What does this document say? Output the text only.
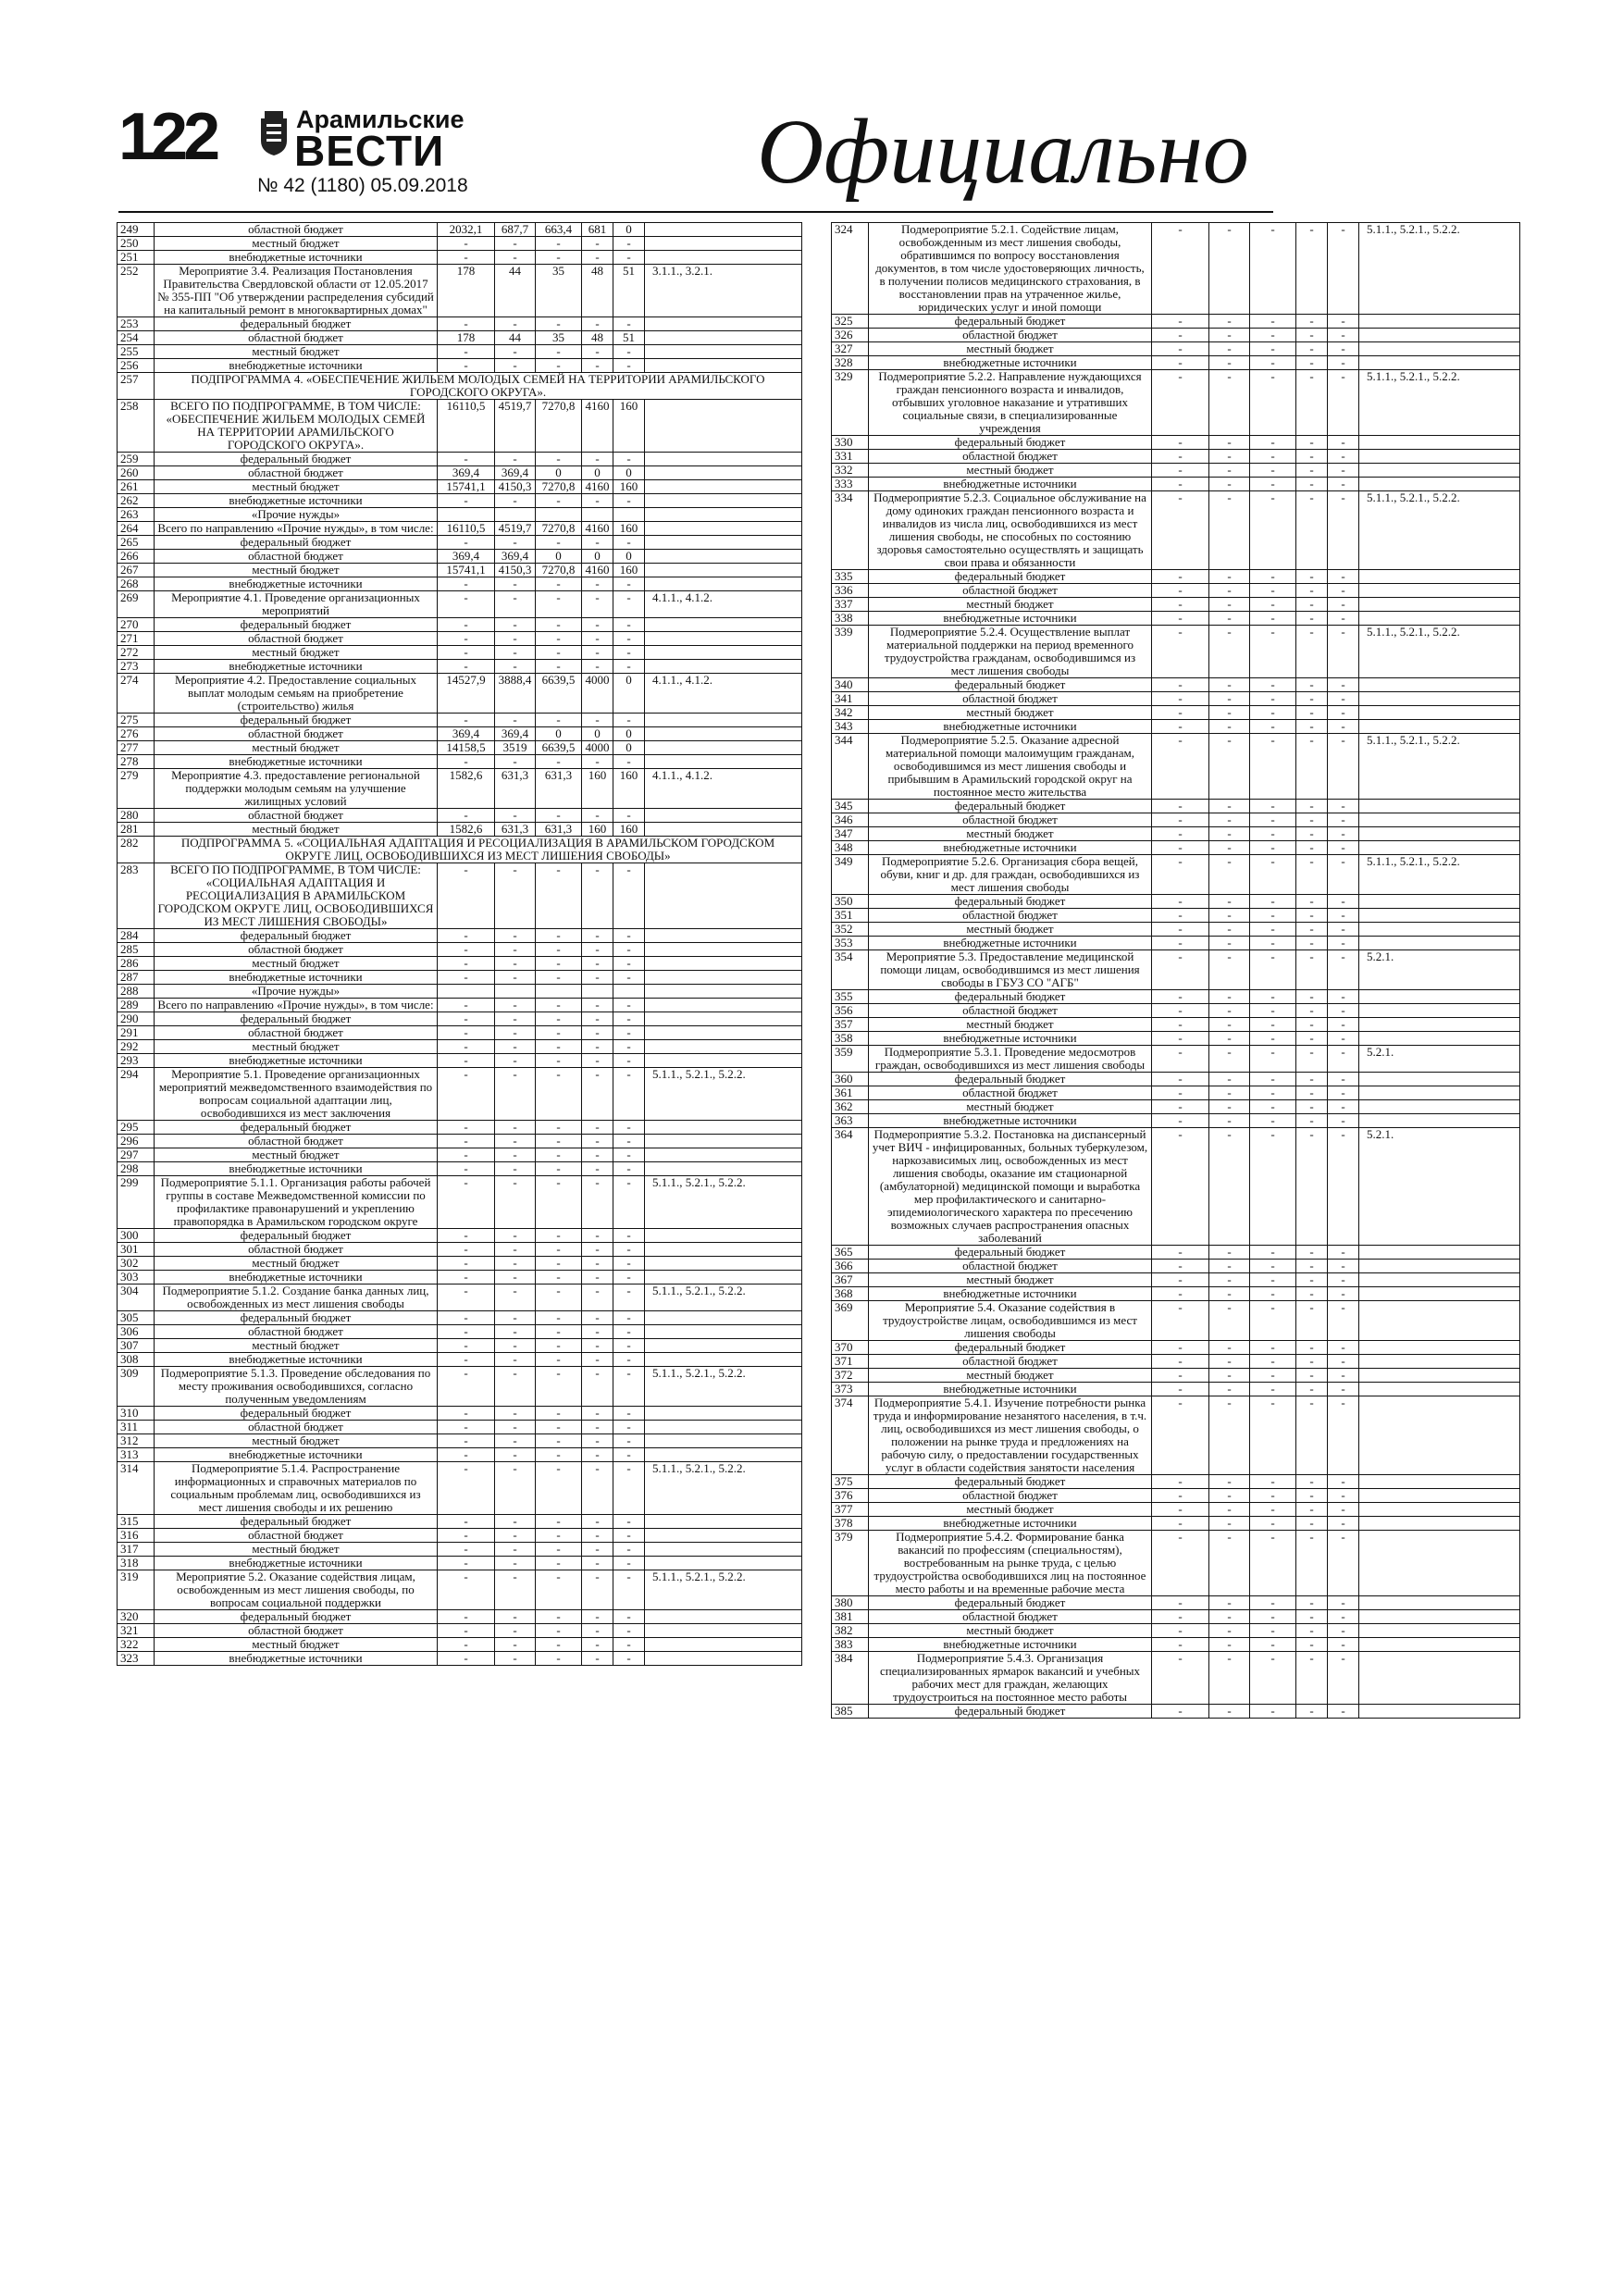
122	Арамильские
ВЕСТИ
№ 42 (1180) 05.09.2018	Официально
249	областной бюджет	2032,1	687,7	663,4	681	0	
250	местный бюджет	-	-	-	-	-	
251	внебюджетные источники	-	-	-	-	-	
252	Мероприятие 3.4. Реализация Постановления Правительства Свердловской области от 12.05.2017 № 355-ПП "Об утверждении распределения субсидий на капитальный ремонт в многоквартирных домах"	178	44	35	48	51	3.1.1., 3.2.1.
253	федеральный бюджет	-	-	-	-	-	
254	областной бюджет	178	44	35	48	51	
255	местный бюджет	-	-	-	-	-	
256	внебюджетные источники	-	-	-	-	-	
257	ПОДПРОГРАММА 4. «ОБЕСПЕЧЕНИЕ ЖИЛЬЕМ МОЛОДЫХ СЕМЕЙ НА ТЕРРИТОРИИ АРАМИЛЬСКОГО ГОРОДСКОГО ОКРУГА».						
258	ВСЕГО ПО ПОДПРОГРАММЕ, В ТОМ ЧИСЛЕ: «ОБЕСПЕЧЕНИЕ ЖИЛЬЕМ МОЛОДЫХ СЕМЕЙ НА ТЕРРИТОРИИ АРАМИЛЬСКОГО ГОРОДСКОГО ОКРУГА».	16110,5	4519,7	7270,8	4160	160	
259	федеральный бюджет	-	-	-	-	-	
260	областной бюджет	369,4	369,4	0	0	0	
261	местный бюджет	15741,1	4150,3	7270,8	4160	160	
262	внебюджетные источники	-	-	-	-	-	
263	«Прочие нужды»						
264	Всего по направлению «Прочие нужды», в том числе:	16110,5	4519,7	7270,8	4160	160	
265	федеральный бюджет	-	-	-	-	-	
266	областной бюджет	369,4	369,4	0	0	0	
267	местный бюджет	15741,1	4150,3	7270,8	4160	160	
268	внебюджетные источники	-	-	-	-	-	
269	Мероприятие 4.1. Проведение организационных мероприятий	-	-	-	-	-	4.1.1., 4.1.2.
270	федеральный бюджет	-	-	-	-	-	
271	областной бюджет	-	-	-	-	-	
272	местный бюджет	-	-	-	-	-	
273	внебюджетные источники	-	-	-	-	-	
274	Мероприятие 4.2. Предоставление социальных выплат молодым семьям на приобретение (строительство) жилья	14527,9	3888,4	6639,5	4000	0	4.1.1., 4.1.2.
275	федеральный бюджет	-	-	-	-	-	
276	областной бюджет	369,4	369,4	0	0	0	
277	местный бюджет	14158,5	3519	6639,5	4000	0	
278	внебюджетные источники	-	-	-	-	-	
279	Мероприятие 4.3. предоставление региональной поддержки молодым семьям на улучшение жилищных условий	1582,6	631,3	631,3	160	160	4.1.1., 4.1.2.
280	областной бюджет	-	-	-	-	-	
281	местный бюджет	1582,6	631,3	631,3	160	160	
282	ПОДПРОГРАММА 5. «СОЦИАЛЬНАЯ АДАПТАЦИЯ И РЕСОЦИАЛИЗАЦИЯ В АРАМИЛЬСКОМ ГОРОДСКОМ ОКРУГЕ ЛИЦ, ОСВОБОДИВШИХСЯ ИЗ МЕСТ ЛИШЕНИЯ СВОБОДЫ»						
283	ВСЕГО ПО ПОДПРОГРАММЕ, В ТОМ ЧИСЛЕ: «СОЦИАЛЬНАЯ АДАПТАЦИЯ И РЕСОЦИАЛИЗАЦИЯ В АРАМИЛЬСКОМ ГОРОДСКОМ ОКРУГЕ ЛИЦ, ОСВОБОДИВШИХСЯ ИЗ МЕСТ ЛИШЕНИЯ СВОБОДЫ»	-	-	-	-	-	
284	федеральный бюджет	-	-	-	-	-	
285	областной бюджет	-	-	-	-	-	
286	местный бюджет	-	-	-	-	-	
287	внебюджетные источники	-	-	-	-	-	
288	«Прочие нужды»						
289	Всего по направлению «Прочие нужды», в том числе:	-	-	-	-	-	
290	федеральный бюджет	-	-	-	-	-	
291	областной бюджет	-	-	-	-	-	
292	местный бюджет	-	-	-	-	-	
293	внебюджетные источники	-	-	-	-	-	
294	Мероприятие 5.1. Проведение организационных мероприятий межведомственного взаимодействия по вопросам социальной адаптации лиц, освободившихся из мест заключения	-	-	-	-	-	5.1.1., 5.2.1., 5.2.2.
295	федеральный бюджет	-	-	-	-	-	
296	областной бюджет	-	-	-	-	-	
297	местный бюджет	-	-	-	-	-	
298	внебюджетные источники	-	-	-	-	-	
299	Подмероприятие 5.1.1. Организация работы рабочей группы в составе Межведомственной комиссии по профилактике правонарушений и укреплению правопорядка в Арамильском городском округе	-	-	-	-	-	5.1.1., 5.2.1., 5.2.2.
300	федеральный бюджет	-	-	-	-	-	
301	областной бюджет	-	-	-	-	-	
302	местный бюджет	-	-	-	-	-	
303	внебюджетные источники	-	-	-	-	-	
304	Подмероприятие 5.1.2. Создание банка данных лиц, освобожденных из мест лишения свободы	-	-	-	-	-	5.1.1., 5.2.1., 5.2.2.
305	федеральный бюджет	-	-	-	-	-	
306	областной бюджет	-	-	-	-	-	
307	местный бюджет	-	-	-	-	-	
308	внебюджетные источники	-	-	-	-	-	
309	Подмероприятие 5.1.3. Проведение обследования по месту проживания освободившихся, согласно полученным уведомлениям	-	-	-	-	-	5.1.1., 5.2.1., 5.2.2.
310	федеральный бюджет	-	-	-	-	-	
311	областной бюджет	-	-	-	-	-	
312	местный бюджет	-	-	-	-	-	
313	внебюджетные источники	-	-	-	-	-	
314	Подмероприятие 5.1.4. Распространение информационных и справочных материалов по социальным проблемам лиц, освободившихся из мест лишения свободы и их решению	-	-	-	-	-	5.1.1., 5.2.1., 5.2.2.
315	федеральный бюджет	-	-	-	-	-	
316	областной бюджет	-	-	-	-	-	
317	местный бюджет	-	-	-	-	-	
318	внебюджетные источники	-	-	-	-	-	
319	Мероприятие 5.2. Оказание содействия лицам, освобожденным из мест лишения свободы, по вопросам социальной поддержки	-	-	-	-	-	5.1.1., 5.2.1., 5.2.2.
320	федеральный бюджет	-	-	-	-	-	
321	областной бюджет	-	-	-	-	-	
322	местный бюджет	-	-	-	-	-	
323	внебюджетные источники	-	-	-	-	-	
324	Подмероприятие 5.2.1. Содействие лицам, освобожденным из мест лишения свободы, обратившимся по вопросу восстановления документов, в том числе удостоверяющих личность, в получении полисов медицинского страхования, в восстановлении прав на утраченное жилье, юридических услуг и иной помощи	-	-	-	-	-	5.1.1., 5.2.1., 5.2.2.
325	федеральный бюджет	-	-	-	-	-	
326	областной бюджет	-	-	-	-	-	
327	местный бюджет	-	-	-	-	-	
328	внебюджетные источники	-	-	-	-	-	
329	Подмероприятие 5.2.2. Направление нуждающихся граждан пенсионного возраста и инвалидов, отбывших уголовное наказание и утративших социальные связи, в специализированные учреждения	-	-	-	-	-	5.1.1., 5.2.1., 5.2.2.
330	федеральный бюджет	-	-	-	-	-	
331	областной бюджет	-	-	-	-	-	
332	местный бюджет	-	-	-	-	-	
333	внебюджетные источники	-	-	-	-	-	
334	Подмероприятие 5.2.3. Социальное обслуживание на дому одиноких граждан пенсионного возраста и инвалидов из числа лиц, освободившихся из мест лишения свободы, не способных по состоянию здоровья самостоятельно осуществлять и защищать свои права и обязанности	-	-	-	-	-	5.1.1., 5.2.1., 5.2.2.
335	федеральный бюджет	-	-	-	-	-	
336	областной бюджет	-	-	-	-	-	
337	местный бюджет	-	-	-	-	-	
338	внебюджетные источники	-	-	-	-	-	
339	Подмероприятие 5.2.4. Осуществление выплат материальной поддержки на период временного трудоустройства гражданам, освободившимся из мест лишения свободы	-	-	-	-	-	5.1.1., 5.2.1., 5.2.2.
340	федеральный бюджет	-	-	-	-	-	
341	областной бюджет	-	-	-	-	-	
342	местный бюджет	-	-	-	-	-	
343	внебюджетные источники	-	-	-	-	-	
344	Подмероприятие 5.2.5. Оказание адресной материальной помощи малоимущим гражданам, освободившимся из мест лишения свободы и прибывшим в Арамильский городской округ на постоянное место жительства	-	-	-	-	-	5.1.1., 5.2.1., 5.2.2.
345	федеральный бюджет	-	-	-	-	-	
346	областной бюджет	-	-	-	-	-	
347	местный бюджет	-	-	-	-	-	
348	внебюджетные источники	-	-	-	-	-	
349	Подмероприятие 5.2.6. Организация сбора вещей, обуви, книг и др. для граждан, освободившихся из мест лишения свободы	-	-	-	-	-	5.1.1., 5.2.1., 5.2.2.
350	федеральный бюджет	-	-	-	-	-	
351	областной бюджет	-	-	-	-	-	
352	местный бюджет	-	-	-	-	-	
353	внебюджетные источники	-	-	-	-	-	
354	Мероприятие 5.3. Предоставление медицинской помощи лицам, освободившимся из мест лишения свободы в ГБУЗ СО "АГБ"	-	-	-	-	-	5.2.1.
355	федеральный бюджет	-	-	-	-	-	
356	областной бюджет	-	-	-	-	-	
357	местный бюджет	-	-	-	-	-	
358	внебюджетные источники	-	-	-	-	-	
359	Подмероприятие 5.3.1. Проведение медосмотров граждан, освободившихся из мест лишения свободы	-	-	-	-	-	5.2.1.
360	федеральный бюджет	-	-	-	-	-	
361	областной бюджет	-	-	-	-	-	
362	местный бюджет	-	-	-	-	-	
363	внебюджетные источники	-	-	-	-	-	
364	Подмероприятие 5.3.2. Постановка на диспансерный учет ВИЧ - инфицированных, больных туберкулезом, наркозависимых лиц, освобожденных из мест лишения свободы, оказание им стационарной (амбулаторной) медицинской помощи и выработка мер профилактического и санитарно-эпидемиологического характера по пресечению возможных случаев распространения опасных заболеваний	-	-	-	-	-	5.2.1.
365	федеральный бюджет	-	-	-	-	-	
366	областной бюджет	-	-	-	-	-	
367	местный бюджет	-	-	-	-	-	
368	внебюджетные источники	-	-	-	-	-	
369	Мероприятие 5.4. Оказание содействия в трудоустройстве лицам, освободившимся из мест лишения свободы	-	-	-	-	-	
370	федеральный бюджет	-	-	-	-	-	
371	областной бюджет	-	-	-	-	-	
372	местный бюджет	-	-	-	-	-	
373	внебюджетные источники	-	-	-	-	-	
374	Подмероприятие 5.4.1. Изучение потребности рынка труда и информирование незанятого населения, в т.ч. лиц, освободившихся из мест лишения свободы, о положении на рынке труда и предложениях на рабочую силу, о предоставлении государственных услуг в области содействия занятости населения	-	-	-	-	-	
375	федеральный бюджет	-	-	-	-	-	
376	областной бюджет	-	-	-	-	-	
377	местный бюджет	-	-	-	-	-	
378	внебюджетные источники	-	-	-	-	-	
379	Подмероприятие 5.4.2. Формирование банка вакансий по профессиям (специальностям), востребованным на рынке труда, с целью трудоустройства освободившихся лиц на постоянное место работы и на временные рабочие места	-	-	-	-	-	
380	федеральный бюджет	-	-	-	-	-	
381	областной бюджет	-	-	-	-	-	
382	местный бюджет	-	-	-	-	-	
383	внебюджетные источники	-	-	-	-	-	
384	Подмероприятие 5.4.3. Организация специализированных ярмарок вакансий и учебных рабочих мест для граждан, желающих трудоустроиться на постоянное место работы	-	-	-	-	-	
385	федеральный бюджет	-	-	-	-	-	
